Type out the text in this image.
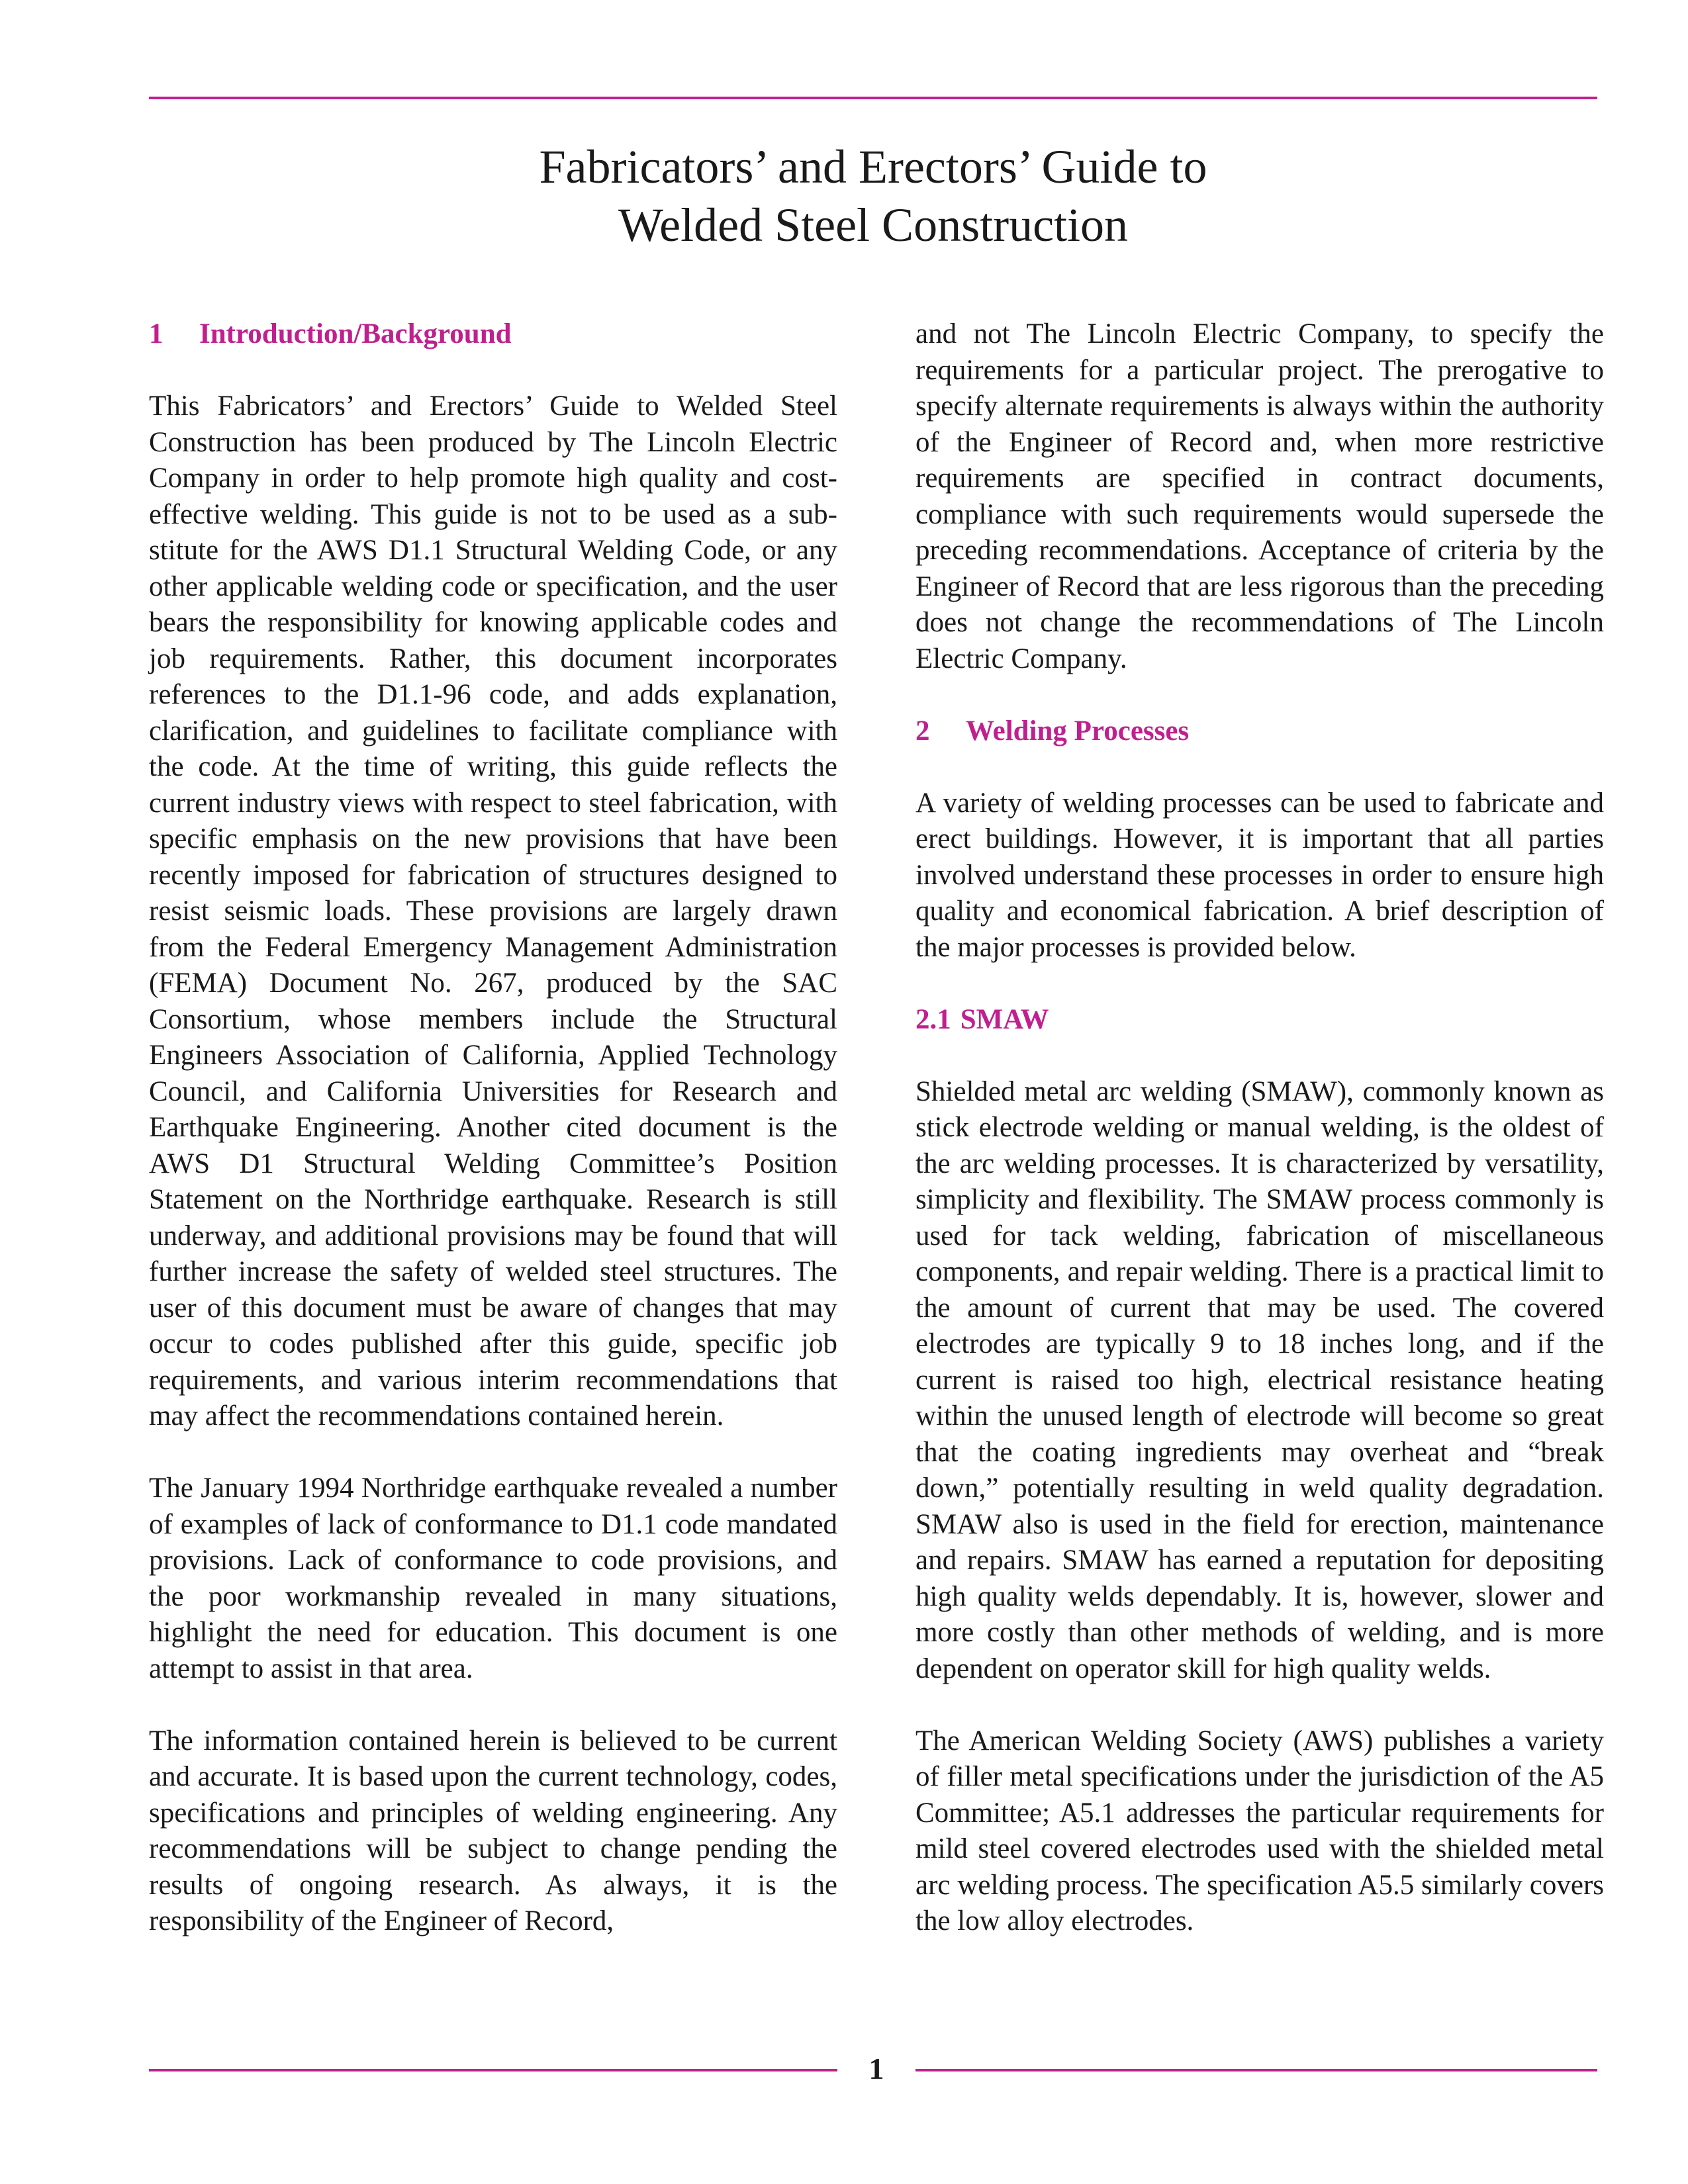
Fabricators’ and Erectors’ Guide to
Welded Steel Construction
1 Introduction/Background

This Fabricators’ and Erectors’ Guide to Welded Steel Construction has been produced by The Lincoln Electric Company in order to help promote high quality and cost-effective welding. This guide is not to be used as a substitute for the AWS D1.1 Structural Welding Code, or any other applicable welding code or specification, and the user bears the responsibility for knowing applicable codes and job requirements. Rather, this document incorporates references to the D1.1-96 code, and adds explanation, clarification, and guidelines to facilitate compliance with the code. At the time of writing, this guide reflects the current industry views with respect to steel fabrication, with specific emphasis on the new provisions that have been recently imposed for fabrication of structures designed to resist seismic loads. These provisions are largely drawn from the Federal Emergency Management Administration (FEMA) Document No. 267, produced by the SAC Consortium, whose members include the Structural Engineers Association of California, Applied Technology Council, and California Universities for Research and Earthquake Engineering. Another cited document is the AWS D1 Structural Welding Committee’s Position Statement on the Northridge earthquake. Research is still underway, and additional provisions may be found that will further increase the safety of welded steel structures. The user of this document must be aware of changes that may occur to codes published after this guide, specific job requirements, and various interim recommendations that may affect the recommendations contained herein.

The January 1994 Northridge earthquake revealed a number of examples of lack of conformance to D1.1 code mandated provisions. Lack of conformance to code provisions, and the poor workmanship revealed in many situations, highlight the need for education. This document is one attempt to assist in that area.

The information contained herein is believed to be current and accurate. It is based upon the current technology, codes, specifications and principles of welding engineering. Any recommendations will be subject to change pending the results of ongoing research. As always, it is the responsibility of the Engineer of Record,

and not The Lincoln Electric Company, to specify the requirements for a particular project. The prerogative to specify alternate requirements is always within the authority of the Engineer of Record and, when more restrictive requirements are specified in contract documents, compliance with such requirements would supersede the preceding recommendations. Acceptance of criteria by the Engineer of Record that are less rigorous than the preceding does not change the recommendations of The Lincoln Electric Company.

2 Welding Processes

A variety of welding processes can be used to fabricate and erect buildings. However, it is important that all parties involved understand these processes in order to ensure high quality and economical fabrication. A brief description of the major processes is provided below.

2.1 SMAW

Shielded metal arc welding (SMAW), commonly known as stick electrode welding or manual welding, is the oldest of the arc welding processes. It is characterized by versatility, simplicity and flexibility. The SMAW process commonly is used for tack welding, fabrication of miscellaneous components, and repair welding. There is a practical limit to the amount of current that may be used. The covered electrodes are typically 9 to 18 inches long, and if the current is raised too high, electrical resistance heating within the unused length of electrode will become so great that the coating ingredients may overheat and “break down,” potentially resulting in weld quality degradation. SMAW also is used in the field for erection, maintenance and repairs. SMAW has earned a reputation for depositing high quality welds dependably. It is, however, slower and more costly than other methods of welding, and is more dependent on operator skill for high quality welds.

The American Welding Society (AWS) publishes a variety of filler metal specifications under the jurisdiction of the A5 Committee; A5.1 addresses the particular requirements for mild steel covered electrodes used with the shielded metal arc welding process. The specification A5.5 similarly covers the low alloy electrodes.

1
